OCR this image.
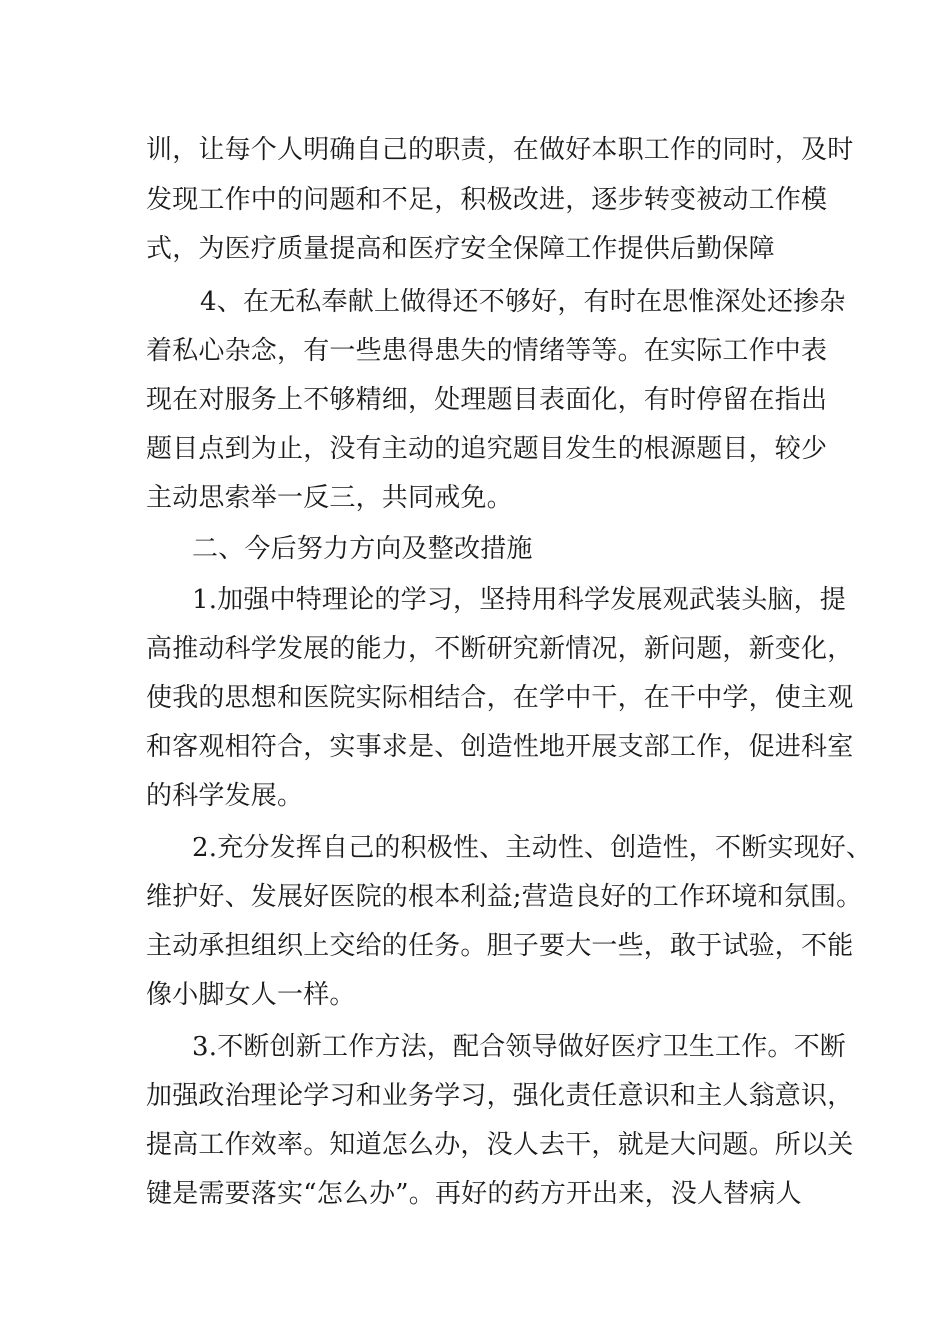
训，让每个人明确自己的职责，在做好本职工作的同时，及时
发现工作中的问题和不足，积极改进，逐步转变被动工作模
式，为医疗质量提高和医疗安全保障工作提供后勤保障
4、在无私奉献上做得还不够好，有时在思惟深处还掺杂
着私心杂念，有一些患得患失的情绪等等。在实际工作中表
现在对服务上不够精细，处理题目表面化，有时停留在指出
题目点到为止，没有主动的追究题目发生的根源题目，较少
主动思索举一反三，共同戒免。
二、今后努力方向及整改措施
1.加强中特理论的学习，坚持用科学发展观武装头脑，提
高推动科学发展的能力，不断研究新情况，新问题，新变化，
使我的思想和医院实际相结合，在学中干，在干中学，使主观
和客观相符合，实事求是、创造性地开展支部工作，促进科室
的科学发展。
2.充分发挥自己的积极性、主动性、创造性，不断实现好、
维护好、发展好医院的根本利益;营造良好的工作环境和氛围。
主动承担组织上交给的任务。胆子要大一些，敢于试验，不能
像小脚女人一样。
3.不断创新工作方法，配合领导做好医疗卫生工作。不断
加强政治理论学习和业务学习，强化责任意识和主人翁意识，
提高工作效率。知道怎么办，没人去干，就是大问题。所以关
键是需要落实“怎么办”。再好的药方开出来，没人替病人
